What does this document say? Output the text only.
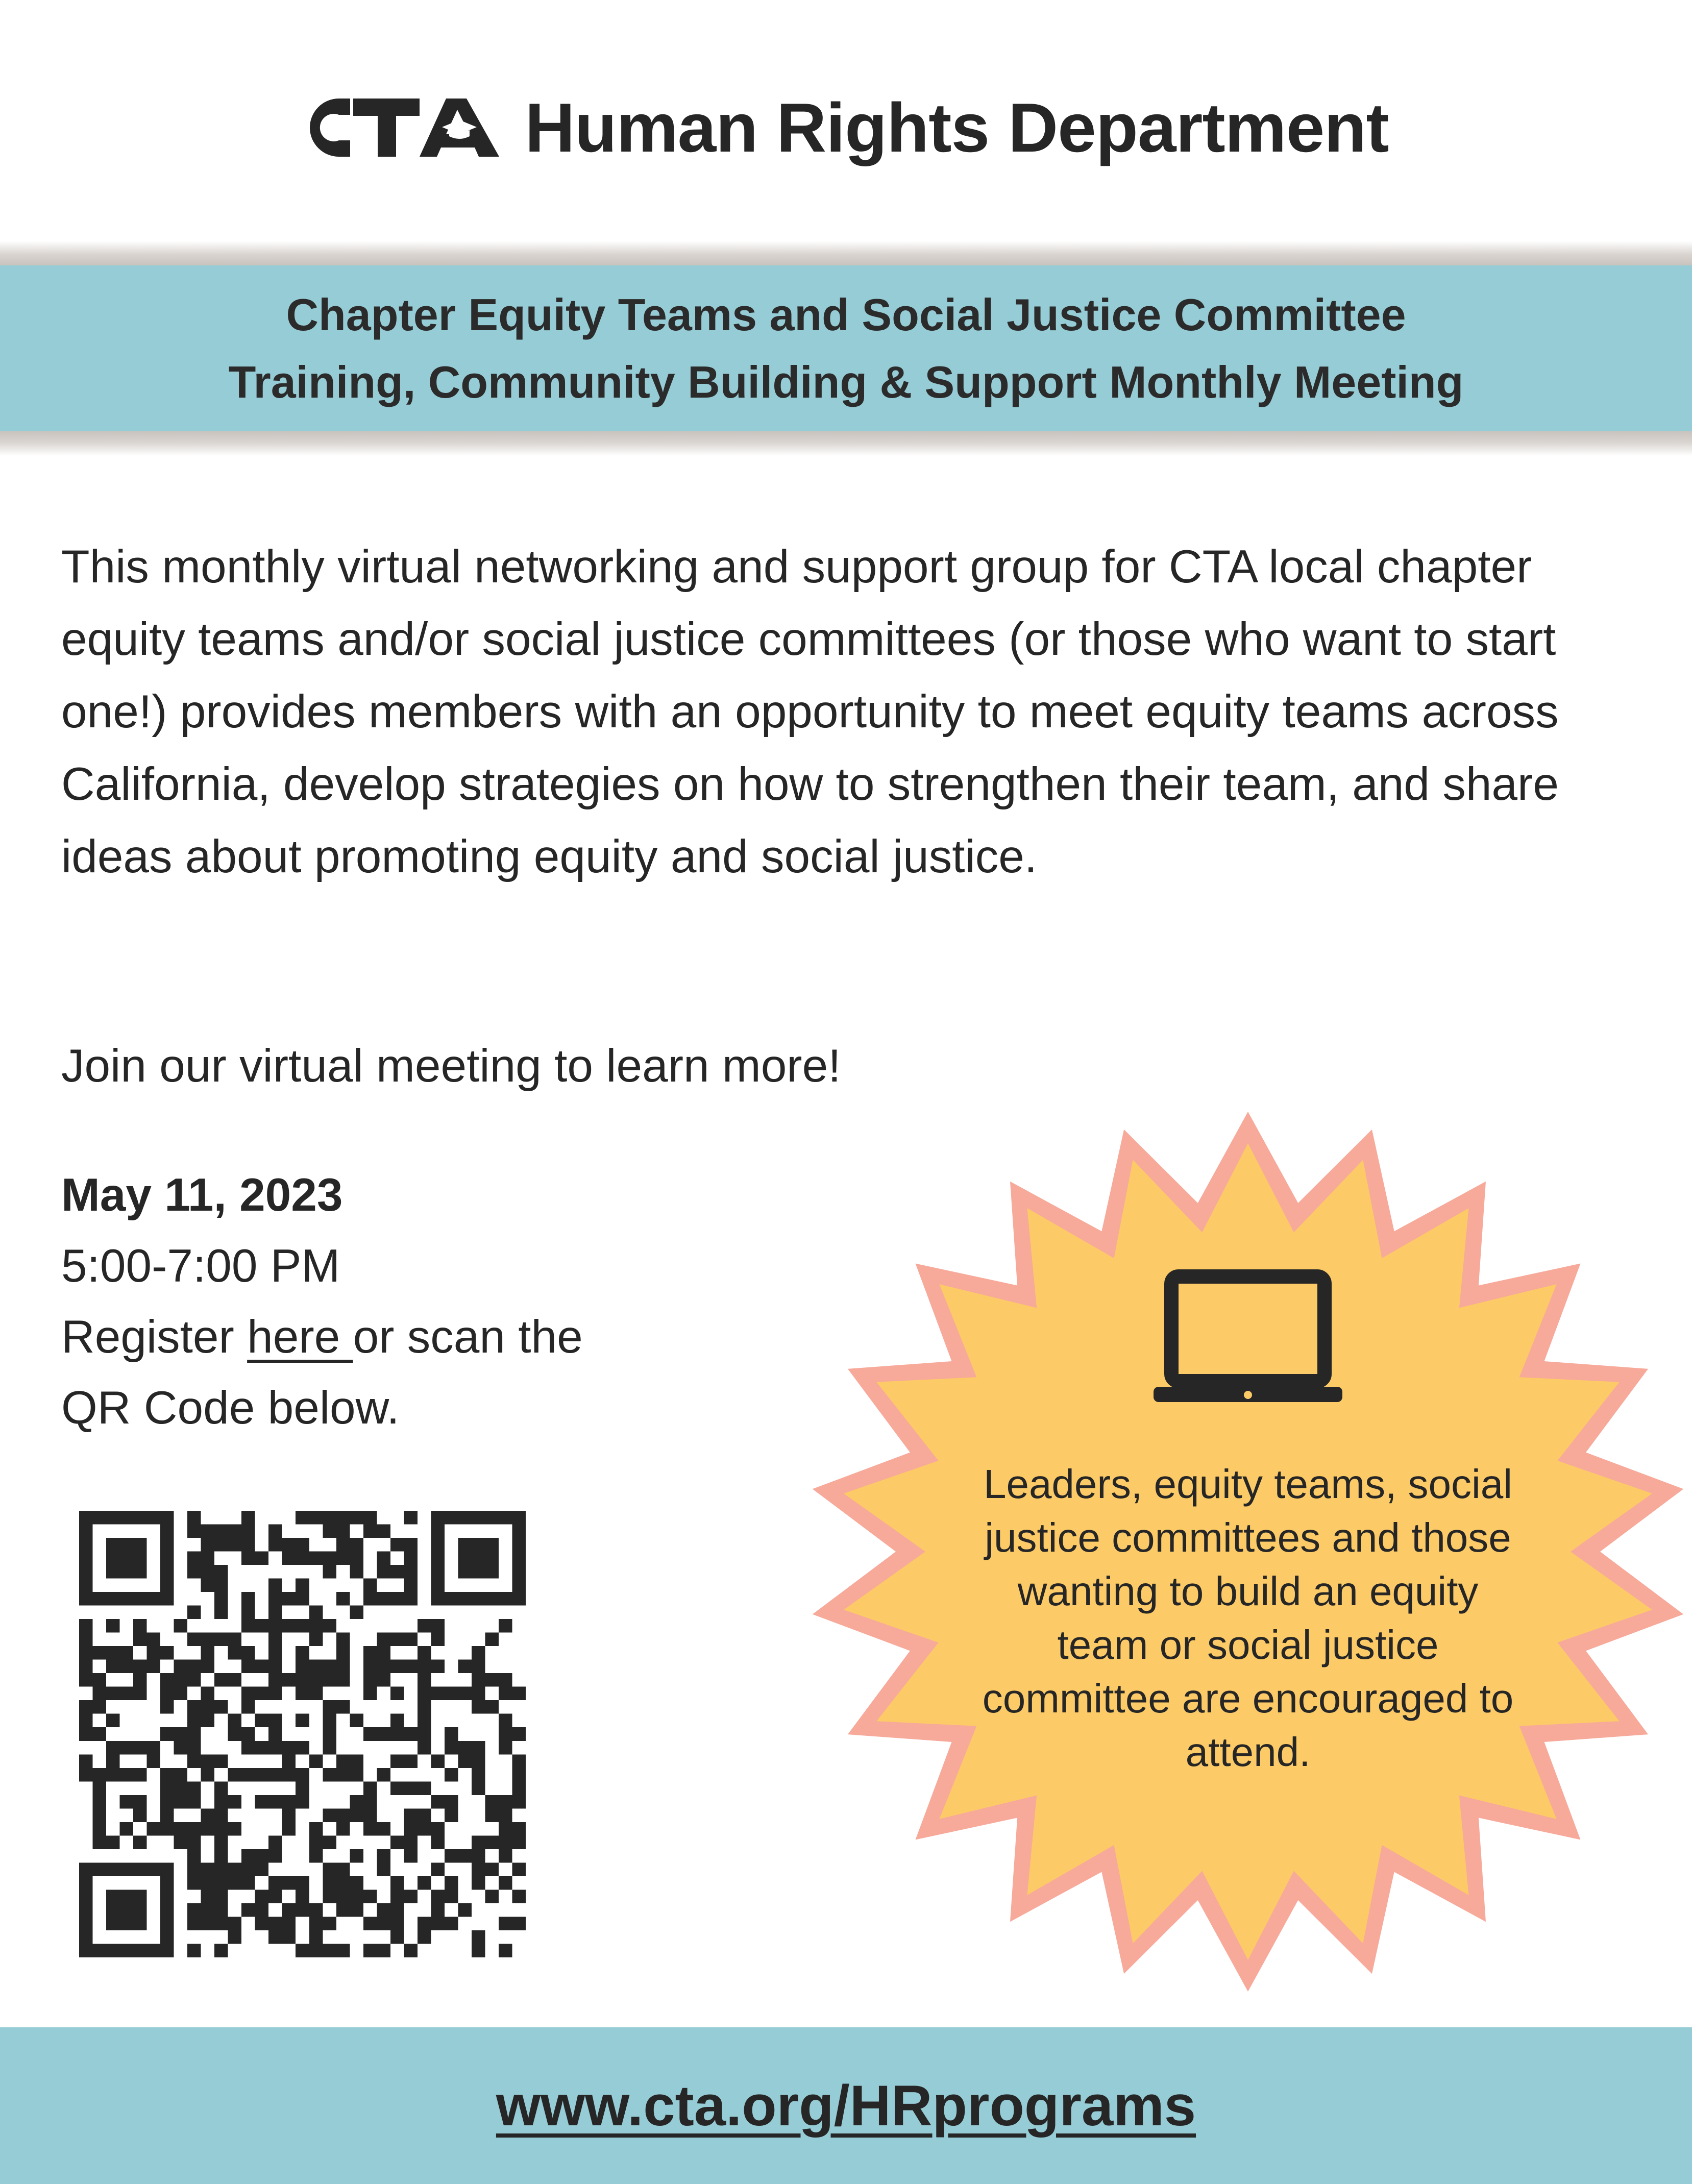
Human Rights Department
Chapter Equity Teams and Social Justice Committee
Training, Community Building & Support Monthly Meeting
This monthly virtual networking and support group for CTA local chapter equity teams and/or social justice committees (or those who want to start one!) provides members with an opportunity to meet equity teams across California, develop strategies on how to strengthen their team, and share ideas about promoting equity and social justice.
Join our virtual meeting to learn more!
May 11, 2023
5:00-7:00 PM
Register here or scan the
QR Code below.
Leaders, equity teams, social justice committees and those wanting to build an equity team or social justice committee are encouraged to attend.
www.cta.org/HRprograms
